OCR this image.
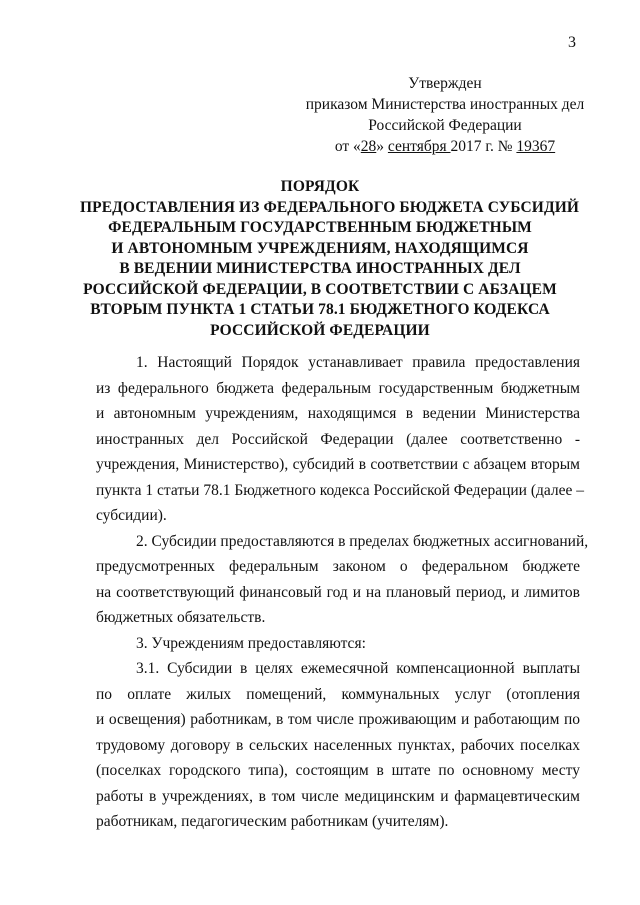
3
Утвержден
приказом Министерства иностранных дел
Российской Федерации
от «28» сентября 2017 г. № 19367
ПОРЯДОК
ПРЕДОСТАВЛЕНИЯ ИЗ ФЕДЕРАЛЬНОГО БЮДЖЕТА СУБСИДИЙ
ФЕДЕРАЛЬНЫМ ГОСУДАРСТВЕННЫМ БЮДЖЕТНЫМ
И АВТОНОМНЫМ УЧРЕЖДЕНИЯМ, НАХОДЯЩИМСЯ
В ВЕДЕНИИ МИНИСТЕРСТВА ИНОСТРАННЫХ ДЕЛ
РОССИЙСКОЙ ФЕДЕРАЦИИ, В СООТВЕТСТВИИ С АБЗАЦЕМ
ВТОРЫМ ПУНКТА 1 СТАТЬИ 78.1 БЮДЖЕТНОГО КОДЕКСА
РОССИЙСКОЙ ФЕДЕРАЦИИ
1. Настоящий Порядок устанавливает правила предоставления
из федерального бюджета федеральным государственным бюджетным
и автономным учреждениям, находящимся в ведении Министерства
иностранных дел Российской Федерации (далее соответственно -
учреждения, Министерство), субсидий в соответствии с абзацем вторым
пункта 1 статьи 78.1 Бюджетного кодекса Российской Федерации (далее –
субсидии).
2. Субсидии предоставляются в пределах бюджетных ассигнований,
предусмотренных федеральным законом о федеральном бюджете
на соответствующий финансовый год и на плановый период, и лимитов
бюджетных обязательств.
3. Учреждениям предоставляются:
3.1. Субсидии в целях ежемесячной компенсационной выплаты
по оплате жилых помещений, коммунальных услуг (отопления
и освещения) работникам, в том числе проживающим и работающим по
трудовому договору в сельских населенных пунктах, рабочих поселках
(поселках городского типа), состоящим в штате по основному месту
работы в учреждениях, в том числе медицинским и фармацевтическим
работникам, педагогическим работникам (учителям).
